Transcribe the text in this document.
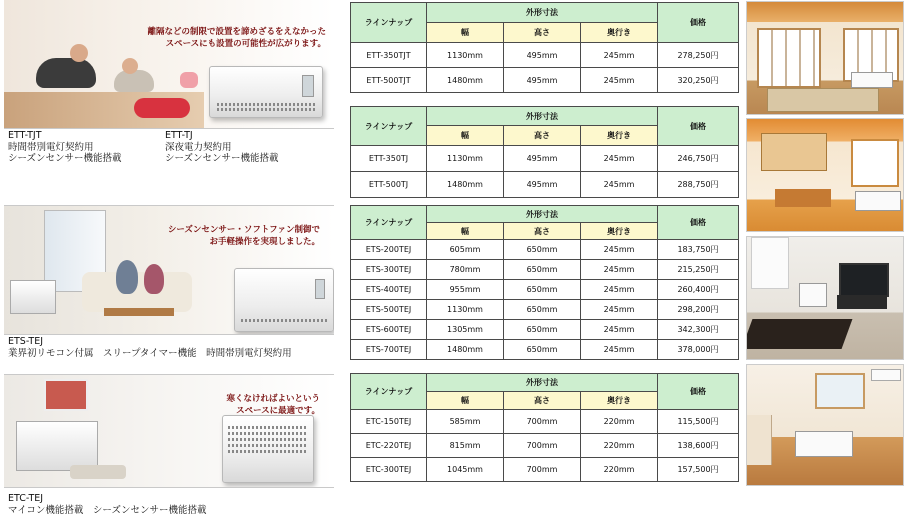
離隔などの制限で設置を諦めざるをえなかった
スペースにも設置の可能性が広がります。
ETT-TJT
時間帯別電灯契約用
シーズンセンサー機能搭載
ETT-TJ
深夜電力契約用
シーズンセンサー機能搭載
シーズンセンサー・ソフトファン制御で
お手軽操作を実現しました。
ETS-TEJ
業界初リモコン付属　スリープタイマー機能　時間帯別電灯契約用
寒くなければよいという
スペースに最適です。
ETC-TEJ
マイコン機能搭載　シーズンセンサー機能搭載
ラインナップ	外形寸法			価格
	幅	高さ	奥行き	
ETT-350TJT	1130mm	495mm	245mm	278,250円
ETT-500TJT	1480mm	495mm	245mm	320,250円
ラインナップ	外形寸法			価格
	幅	高さ	奥行き	
ETT-350TJ	1130mm	495mm	245mm	246,750円
ETT-500TJ	1480mm	495mm	245mm	288,750円
ラインナップ	外形寸法			価格
	幅	高さ	奥行き	
ETS-200TEJ	605mm	650mm	245mm	183,750円
ETS-300TEJ	780mm	650mm	245mm	215,250円
ETS-400TEJ	955mm	650mm	245mm	260,400円
ETS-500TEJ	1130mm	650mm	245mm	298,200円
ETS-600TEJ	1305mm	650mm	245mm	342,300円
ETS-700TEJ	1480mm	650mm	245mm	378,000円
ラインナップ	外形寸法			価格
	幅	高さ	奥行き	
ETC-150TEJ	585mm	700mm	220mm	115,500円
ETC-220TEJ	815mm	700mm	220mm	138,600円
ETC-300TEJ	1045mm	700mm	220mm	157,500円
